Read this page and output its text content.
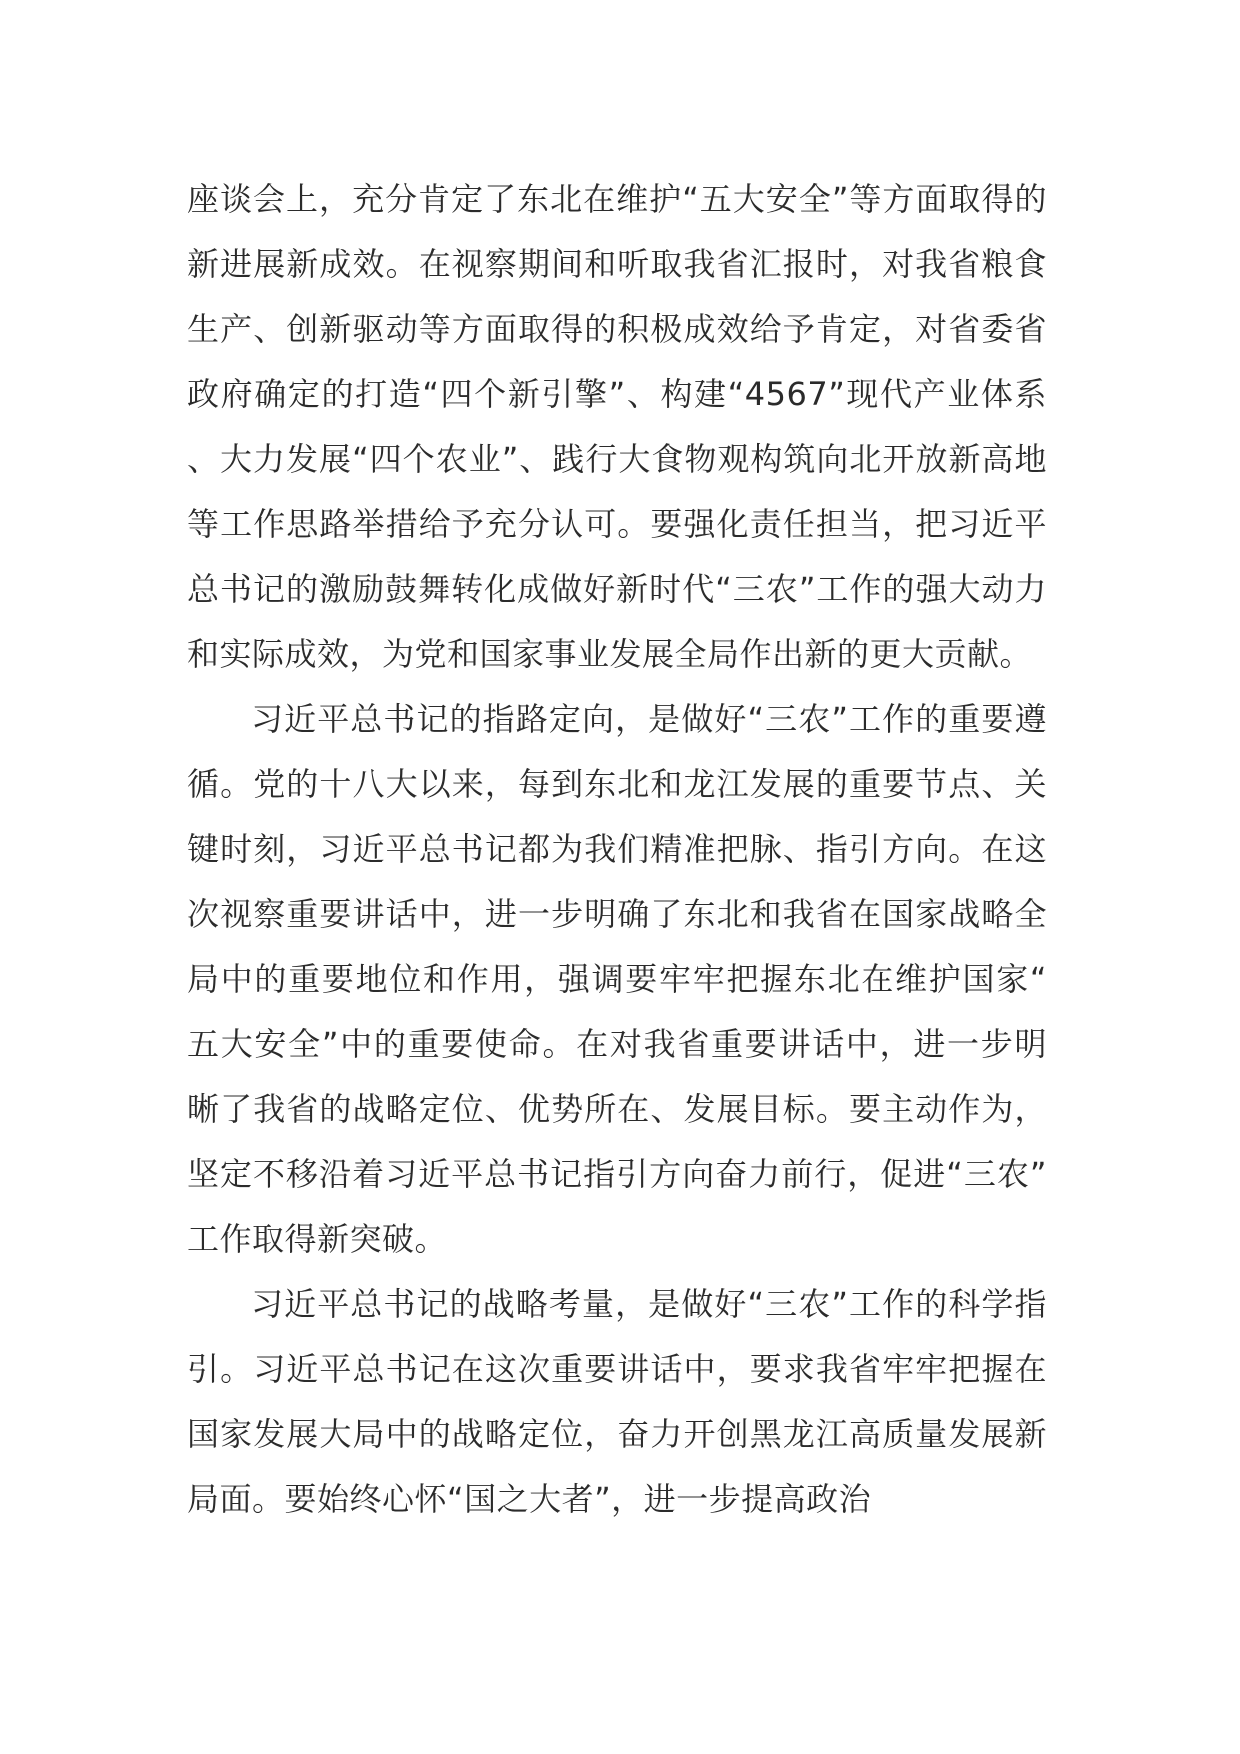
座谈会上，充分肯定了东北在维护“五大安全”等方面取得的新进展新成效。在视察期间和听取我省汇报时，对我省粮食生产、创新驱动等方面取得的积极成效给予肯定，对省委省政府确定的打造“四个新引擎”、构建“4567”现代产业体系、大力发展“四个农业”、践行大食物观构筑向北开放新高地等工作思路举措给予充分认可。要强化责任担当，把习近平总书记的激励鼓舞转化成做好新时代“三农”工作的强大动力和实际成效，为党和国家事业发展全局作出新的更大贡献。

习近平总书记的指路定向，是做好“三农”工作的重要遵循。党的十八大以来，每到东北和龙江发展的重要节点、关键时刻，习近平总书记都为我们精准把脉、指引方向。在这次视察重要讲话中，进一步明确了东北和我省在国家战略全局中的重要地位和作用，强调要牢牢把握东北在维护国家“五大安全”中的重要使命。在对我省重要讲话中，进一步明晰了我省的战略定位、优势所在、发展目标。要主动作为，坚定不移沿着习近平总书记指引方向奋力前行，促进“三农”工作取得新突破。

习近平总书记的战略考量，是做好“三农”工作的科学指引。习近平总书记在这次重要讲话中，要求我省牢牢把握在国家发展大局中的战略定位，奋力开创黑龙江高质量发展新局面。要始终心怀“国之大者”，进一步提高政治
